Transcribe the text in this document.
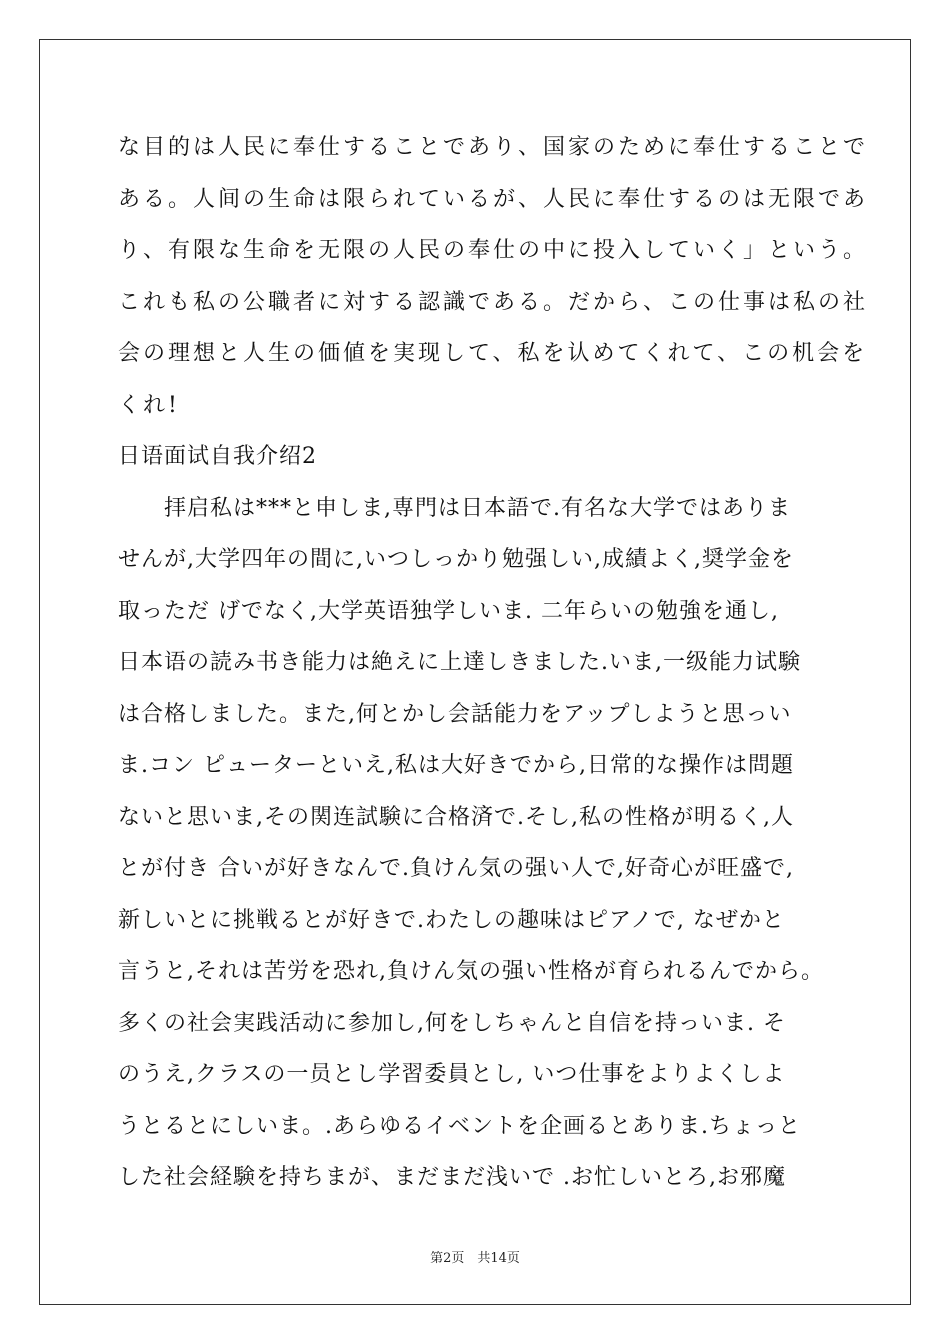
な目的は人民に奉仕することであり、国家のために奉仕することで
ある。人间の生命は限られているが、人民に奉仕するのは无限であ
り、有限な生命を无限の人民の奉仕の中に投入していく」という。
これも私の公職者に対する認識である。だから、この仕事は私の社
会の理想と人生の価値を実现して、私を认めてくれて、この机会を
くれ!
日语面试自我介绍2
　　拝启私は***と申しま,専門は日本語で.有名な大学ではありま
せんが,大学四年の間に,いつしっかり勉强しい,成績よく,奨学金を
取っただ げでなく,大学英语独学しいま. 二年らいの勉強を通し,
日本语の読み书き能力は絶えに上達しきました.いま,一级能力试験
は合格しました。また,何とかし会話能力をアップしようと思っい
ま.コン ピューターといえ,私は大好きでから,日常的な操作は問題
ないと思いま,その関连試験に合格済で.そし,私の性格が明るく,人
とが付き 合いが好きなんで.負けん気の强い人で,好奇心が旺盛で,
新しいとに挑戦るとが好きで.わたしの趣味はピアノで, なぜかと
言うと,それは苦労を恐れ,負けん気の强い性格が育られるんでから。
多くの社会実践活动に参加し,何をしちゃんと自信を持っいま. そ
のうえ,クラスの一员とし学習委員とし, いつ仕事をよりよくしよ
うとるとにしいま。.あらゆるイベントを企画るとありま.ちょっと
した社会経験を持ちまが、まだまだ浅いで .お忙しいとろ,お邪魔
第2页　共14页
